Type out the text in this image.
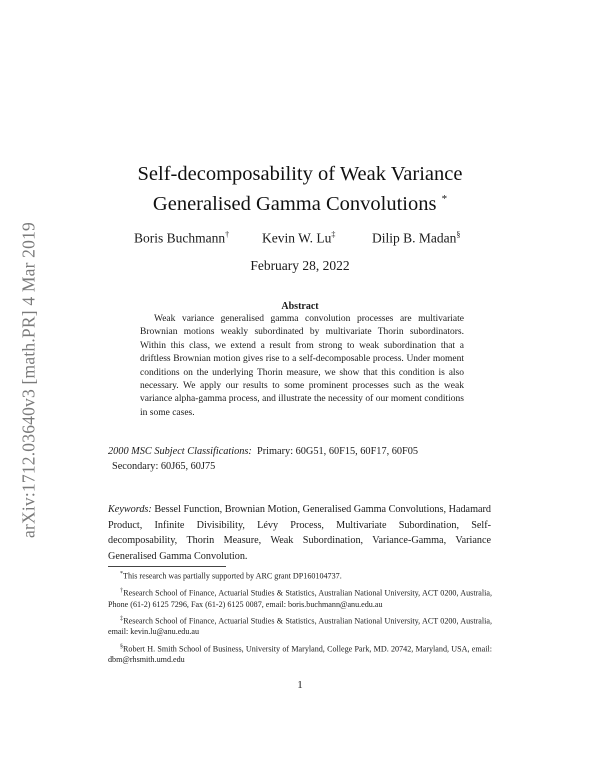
arXiv:1712.03640v3 [math.PR] 4 Mar 2019
Self-decomposability of Weak Variance
Generalised Gamma Convolutions *
Boris Buchmann† Kevin W. Lu‡	Dilip B. Madan§
February 28, 2022
Abstract
Weak variance generalised gamma convolution processes are multivariate Brownian motions weakly subordinated by multivariate Thorin subordinators. Within this class, we extend a result from strong to weak subordination that a driftless Brownian motion gives rise to a self-decomposable process. Under moment conditions on the underlying Thorin measure, we show that this condition is also necessary. We apply our results to some prominent processes such as the weak variance alpha-gamma process, and illustrate the necessity of our moment conditions in some cases.
2000 MSC Subject Classifications: Primary: 60G51, 60F15, 60F17, 60F05
Secondary: 60J65, 60J75
Keywords: Bessel Function, Brownian Motion, Generalised Gamma Convolutions, Hadamard Product, Infinite Divisibility, Lévy Process, Multivariate Subordination, Self-decomposability, Thorin Measure, Weak Subordination, Variance-Gamma, Variance Generalised Gamma Convolution.
*This research was partially supported by ARC grant DP160104737.
†Research School of Finance, Actuarial Studies & Statistics, Australian National University, ACT 0200, Australia, Phone (61-2) 6125 7296, Fax (61-2) 6125 0087, email: boris.buchmann@anu.edu.au
‡Research School of Finance, Actuarial Studies & Statistics, Australian National University, ACT 0200, Australia, email: kevin.lu@anu.edu.au
§Robert H. Smith School of Business, University of Maryland, College Park, MD. 20742, Maryland, USA, email: dbm@rhsmith.umd.edu
1
